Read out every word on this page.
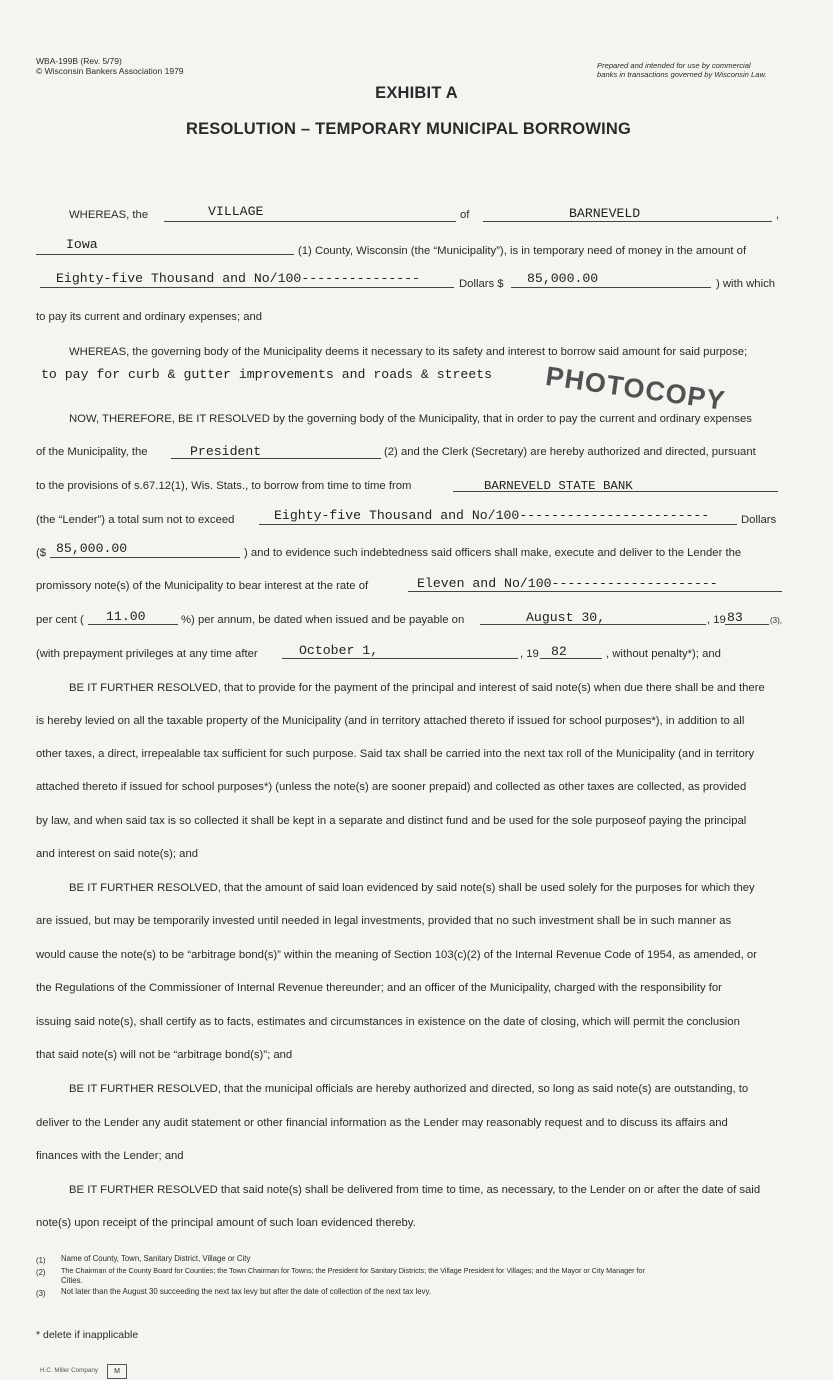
WBA-199B (Rev. 5/79)
© Wisconsin Bankers Association 1979
Prepared and intended for use by commercial
banks in transactions governed by Wisconsin Law.
EXHIBIT A
RESOLUTION – TEMPORARY MUNICIPAL BORROWING
WHEREAS, the	VILLAGE	of	BARNEVELD	,
Iowa	(1) County, Wisconsin (the “Municipality”), is in temporary need of money in the amount of
Eighty-five Thousand and No/100---------------	Dollars $ 85,000.00	) with which
to pay its current and ordinary expenses; and
WHEREAS, the governing body of the Municipality deems it necessary to its safety and interest to borrow said amount for said purpose;
to pay for curb & gutter improvements and roads & streets PHOTOCOPY
NOW, THEREFORE, BE IT RESOLVED by the governing body of the Municipality, that in order to pay the current and ordinary expenses
of the Municipality, the	President	(2) and the Clerk (Secretary) are hereby authorized and directed, pursuant
to the provisions of s.67.12(1), Wis. Stats., to borrow from time to time from	BARNEVELD STATE BANK
(the “Lender”) a total sum not to exceed	Eighty-five Thousand and No/100------------------------	Dollars
($ 85,000.00	) and to evidence such indebtedness said officers shall make, execute and deliver to the Lender the
promissory note(s) of the Municipality to bear interest at the rate of	Eleven and No/100---------------------
per cent ( 11.00	%) per annum, be dated when issued and be payable on	August 30,	, 19 83	(3),
(with prepayment privileges at any time after	October 1,	, 19 82	, without penalty*); and
BE IT FURTHER RESOLVED, that to provide for the payment of the principal and interest of said note(s) when due there shall be and there
is hereby levied on all the taxable property of the Municipality (and in territory attached thereto if issued for school purposes*), in addition to all
other taxes, a direct, irrepealable tax sufficient for such purpose. Said tax shall be carried into the next tax roll of the Municipality (and in territory
attached thereto if issued for school purposes*) (unless the note(s) are sooner prepaid) and collected as other taxes are collected, as provided
by law, and when said tax is so collected it shall be kept in a separate and distinct fund and be used for the sole purposeof paying the principal
and interest on said note(s); and
BE IT FURTHER RESOLVED, that the amount of said loan evidenced by said note(s) shall be used solely for the purposes for which they
are issued, but may be temporarily invested until needed in legal investments, provided that no such investment shall be in such manner as
would cause the note(s) to be “arbitrage bond(s)” within the meaning of Section 103(c)(2) of the Internal Revenue Code of 1954, as amended, or
the Regulations of the Commissioner of Internal Revenue thereunder; and an officer of the Municipality, charged with the responsibility for
issuing said note(s), shall certify as to facts, estimates and circumstances in existence on the date of closing, which will permit the conclusion
that said note(s) will not be “arbitrage bond(s)”; and
BE IT FURTHER RESOLVED, that the municipal officials are hereby authorized and directed, so long as said note(s) are outstanding, to
deliver to the Lender any audit statement or other financial information as the Lender may reasonably request and to discuss its affairs and
finances with the Lender; and
BE IT FURTHER RESOLVED that said note(s) shall be delivered from time to time, as necessary, to the Lender on or after the date of said
note(s) upon receipt of the principal amount of such loan evidenced thereby.
(1) Name of County, Town, Sanitary District, Village or City
(2) The Chairman of the County Board for Counties; the Town Chairman for Towns; the President for Sanitary Districts; the Village President for Villages; and the Mayor or City Manager for
Cities.
(3) Not later than the August 30 succeeding the next tax levy but after the date of collection of the next tax levy.
* delete if inapplicable
H.C. Miller Company	M
